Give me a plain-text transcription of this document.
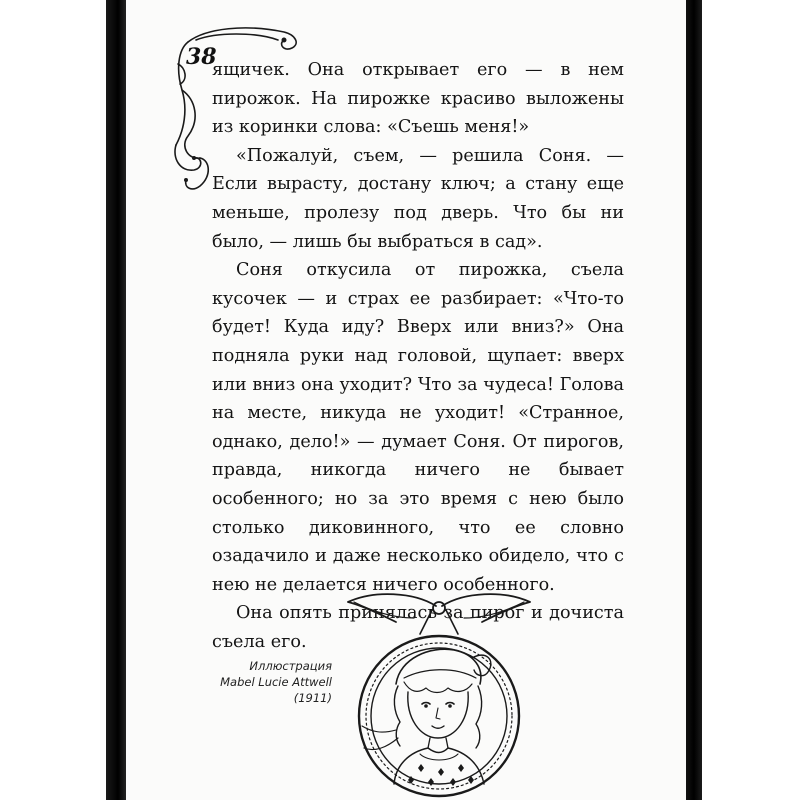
38

ящичек. Она открывает его — в нем пирожок. На пирожке красиво выложены из коринки слова: «Съешь меня!»

«Пожалуй, съем, — решила Соня. — Если вырасту, достану ключ; а стану еще меньше, пролезу под дверь. Что бы ни было, — лишь бы выбраться в сад».

Соня откусила от пирожка, съела кусочек — и страх ее разбирает: «Что-то будет! Куда иду? Вверх или вниз?» Она подняла руки над головой, щупает: вверх или вниз она уходит? Что за чудеса! Голова на месте, никуда не уходит! «Странное, однако, дело!» — думает Соня. От пирогов, правда, никогда ничего не бывает особенного; но за это время с нею было столько диковинного, что ее словно озадачило и даже несколько обидело, что с нею не делается ничего особенного.

Она опять принялась за пирог и дочиста съела его.

Иллюстрация
Mabel Lucie Attwell
(1911)
